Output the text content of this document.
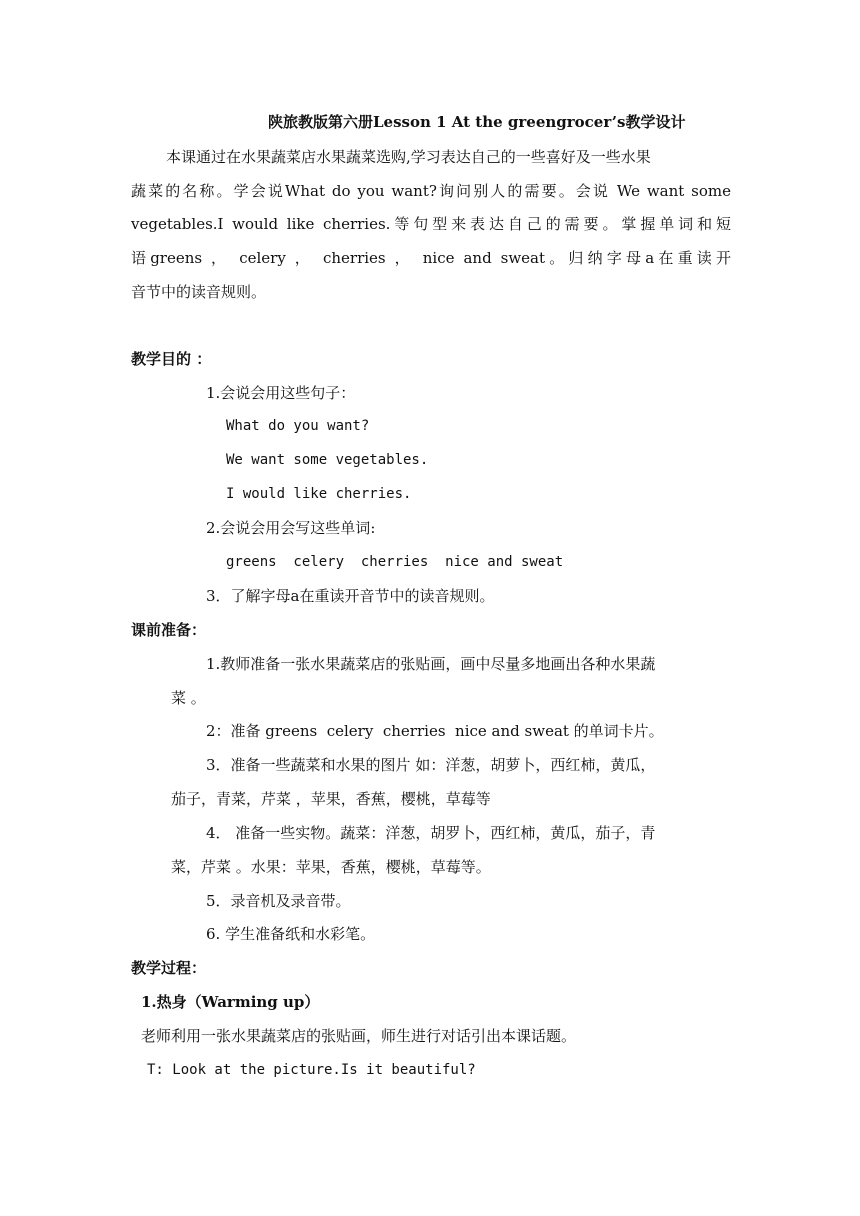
陕旅教版第六册Lesson 1 At the greengrocer’s教学设计
本课通过在水果蔬菜店水果蔬菜选购,学习表达自己的一些喜好及一些水果
蔬菜的名称。学会说What do you want?询问别人的需要。会说 We want some
vegetables.I would like cherries.等句型来表达自己的需要。掌握单词和短
语greens ， celery ， cherries ， nice and sweat。归纳字母a在重读开
音节中的读音规则。
教学目的 ：
1.会说会用这些句子：
What do you want?
We want some vegetables.
I would like cherries.
2.会说会用会写这些单词:
greens  celery  cherries  nice and sweat
3．了解字母a在重读开音节中的读音规则。
课前准备：
1.教师准备一张水果蔬菜店的张贴画，画中尽量多地画出各种水果蔬
菜 。
2：准备 greens  celery  cherries  nice and sweat 的单词卡片。
3．准备一些蔬菜和水果的图片 如：洋葱，胡萝卜，西红柿，黄瓜，
茄子，青菜，芹菜 ，苹果，香蕉，樱桃，草莓等
4． 准备一些实物。蔬菜：洋葱，胡罗卜，西红柿，黄瓜，茄子，青
菜，芹菜 。水果：苹果，香蕉，樱桃，草莓等。
5．录音机及录音带。
6. 学生准备纸和水彩笔。
教学过程：
1.热身（Warming up）
老师利用一张水果蔬菜店的张贴画，师生进行对话引出本课话题。
T: Look at the picture.Is it beautiful?
